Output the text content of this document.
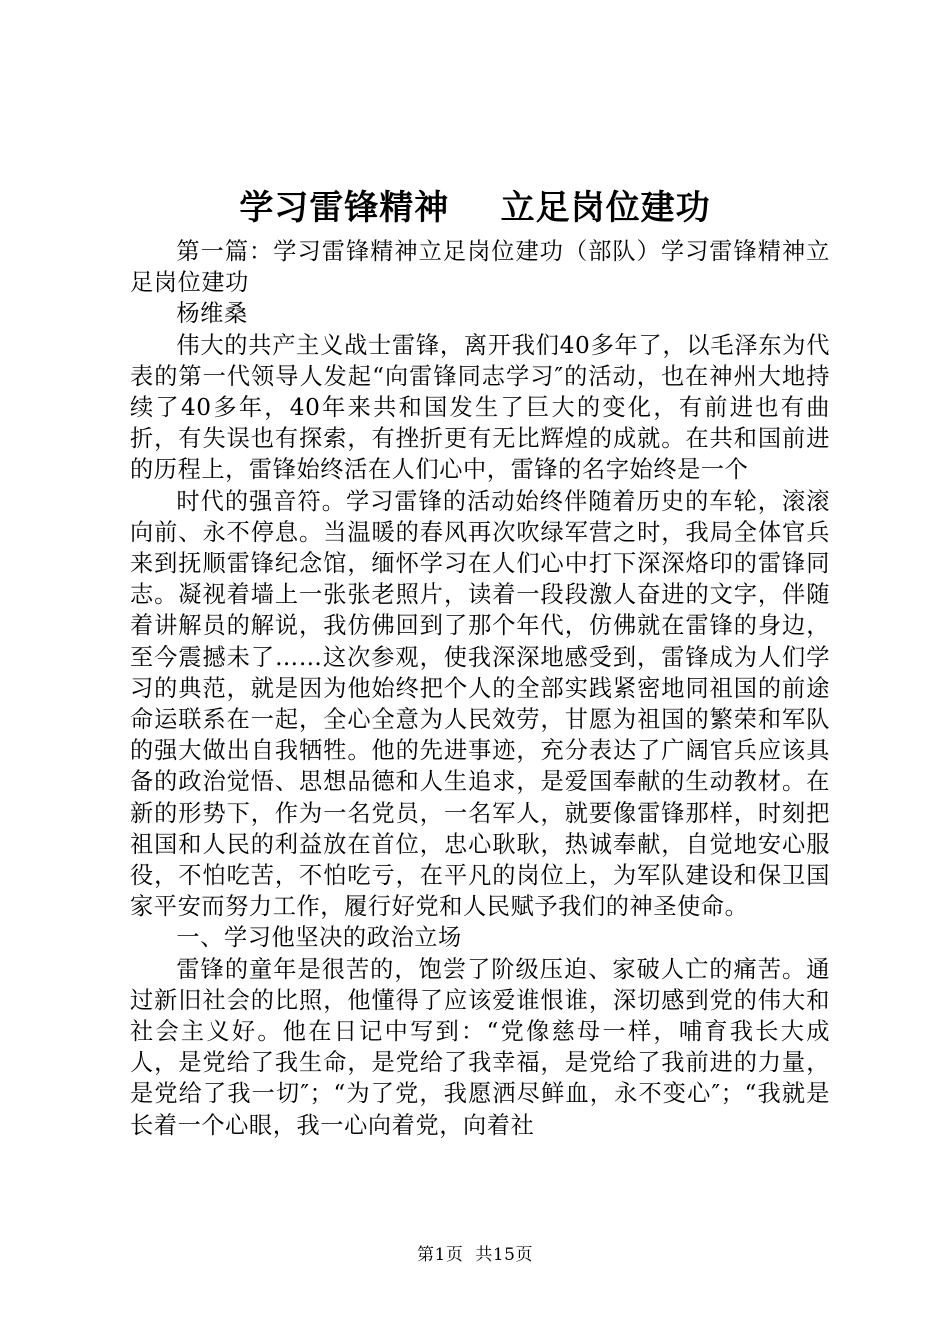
学习雷锋精神    立足岗位建功

第一篇：学习雷锋精神立足岗位建功（部队）学习雷锋精神立足岗位建功

杨维桑

伟大的共产主义战士雷锋，离开我们40多年了，以毛泽东为代表的第一代领导人发起“向雷锋同志学习″的活动，也在神州大地持续了40多年，40年来共和国发生了巨大的变化，有前进也有曲折，有失误也有探索，有挫折更有无比辉煌的成就。在共和国前进的历程上，雷锋始终活在人们心中，雷锋的名字始终是一个

时代的强音符。学习雷锋的活动始终伴随着历史的车轮，滚滚向前、永不停息。当温暖的春风再次吹绿军营之时，我局全体官兵来到抚顺雷锋纪念馆，缅怀学习在人们心中打下深深烙印的雷锋同志。凝视着墙上一张张老照片，读着一段段激人奋进的文字，伴随着讲解员的解说，我仿佛回到了那个年代，仿佛就在雷锋的身边，至今震撼未了……这次参观，使我深深地感受到，雷锋成为人们学习的典范，就是因为他始终把个人的全部实践紧密地同祖国的前途命运联系在一起，全心全意为人民效劳，甘愿为祖国的繁荣和军队的强大做出自我牺牲。他的先进事迹，充分表达了广阔官兵应该具备的政治觉悟、思想品德和人生追求，是爱国奉献的生动教材。在新的形势下，作为一名党员，一名军人，就要像雷锋那样，时刻把祖国和人民的利益放在首位，忠心耿耿，热诚奉献，自觉地安心服役，不怕吃苦，不怕吃亏，在平凡的岗位上，为军队建设和保卫国家平安而努力工作，履行好党和人民赋予我们的神圣使命。

一、学习他坚决的政治立场

雷锋的童年是很苦的，饱尝了阶级压迫、家破人亡的痛苦。通过新旧社会的比照，他懂得了应该爱谁恨谁，深切感到党的伟大和社会主义好。他在日记中写到：“党像慈母一样，哺育我长大成人，是党给了我生命，是党给了我幸福，是党给了我前进的力量，是党给了我一切″；“为了党，我愿洒尽鲜血，永不变心″；“我就是长着一个心眼，我一心向着党，向着社

第1页 共15页
